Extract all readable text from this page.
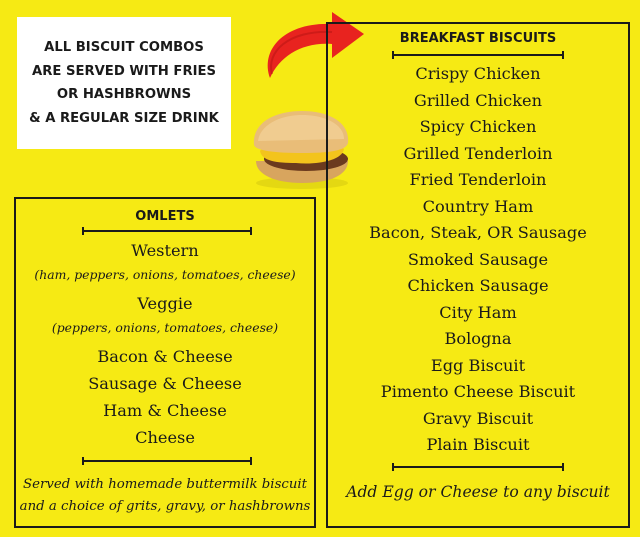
ALL BISCUIT COMBOS
ARE SERVED WITH FRIES
OR HASHBROWNS
& A REGULAR SIZE DRINK
OMLETS
Western
(ham, peppers, onions, tomatoes, cheese)
Veggie
(peppers, onions, tomatoes, cheese)
Bacon & Cheese
Sausage & Cheese
Ham & Cheese
Cheese
Served with homemade buttermilk biscuit
and a choice of grits, gravy, or hashbrowns
BREAKFAST BISCUITS
Crispy Chicken
Grilled Chicken
Spicy Chicken
Grilled Tenderloin
Fried Tenderloin
Country Ham
Bacon, Steak, OR Sausage
Smoked Sausage
Chicken Sausage
City Ham
Bologna
Egg Biscuit
Pimento Cheese Biscuit
Gravy Biscuit
Plain Biscuit
Add Egg or Cheese to any biscuit
